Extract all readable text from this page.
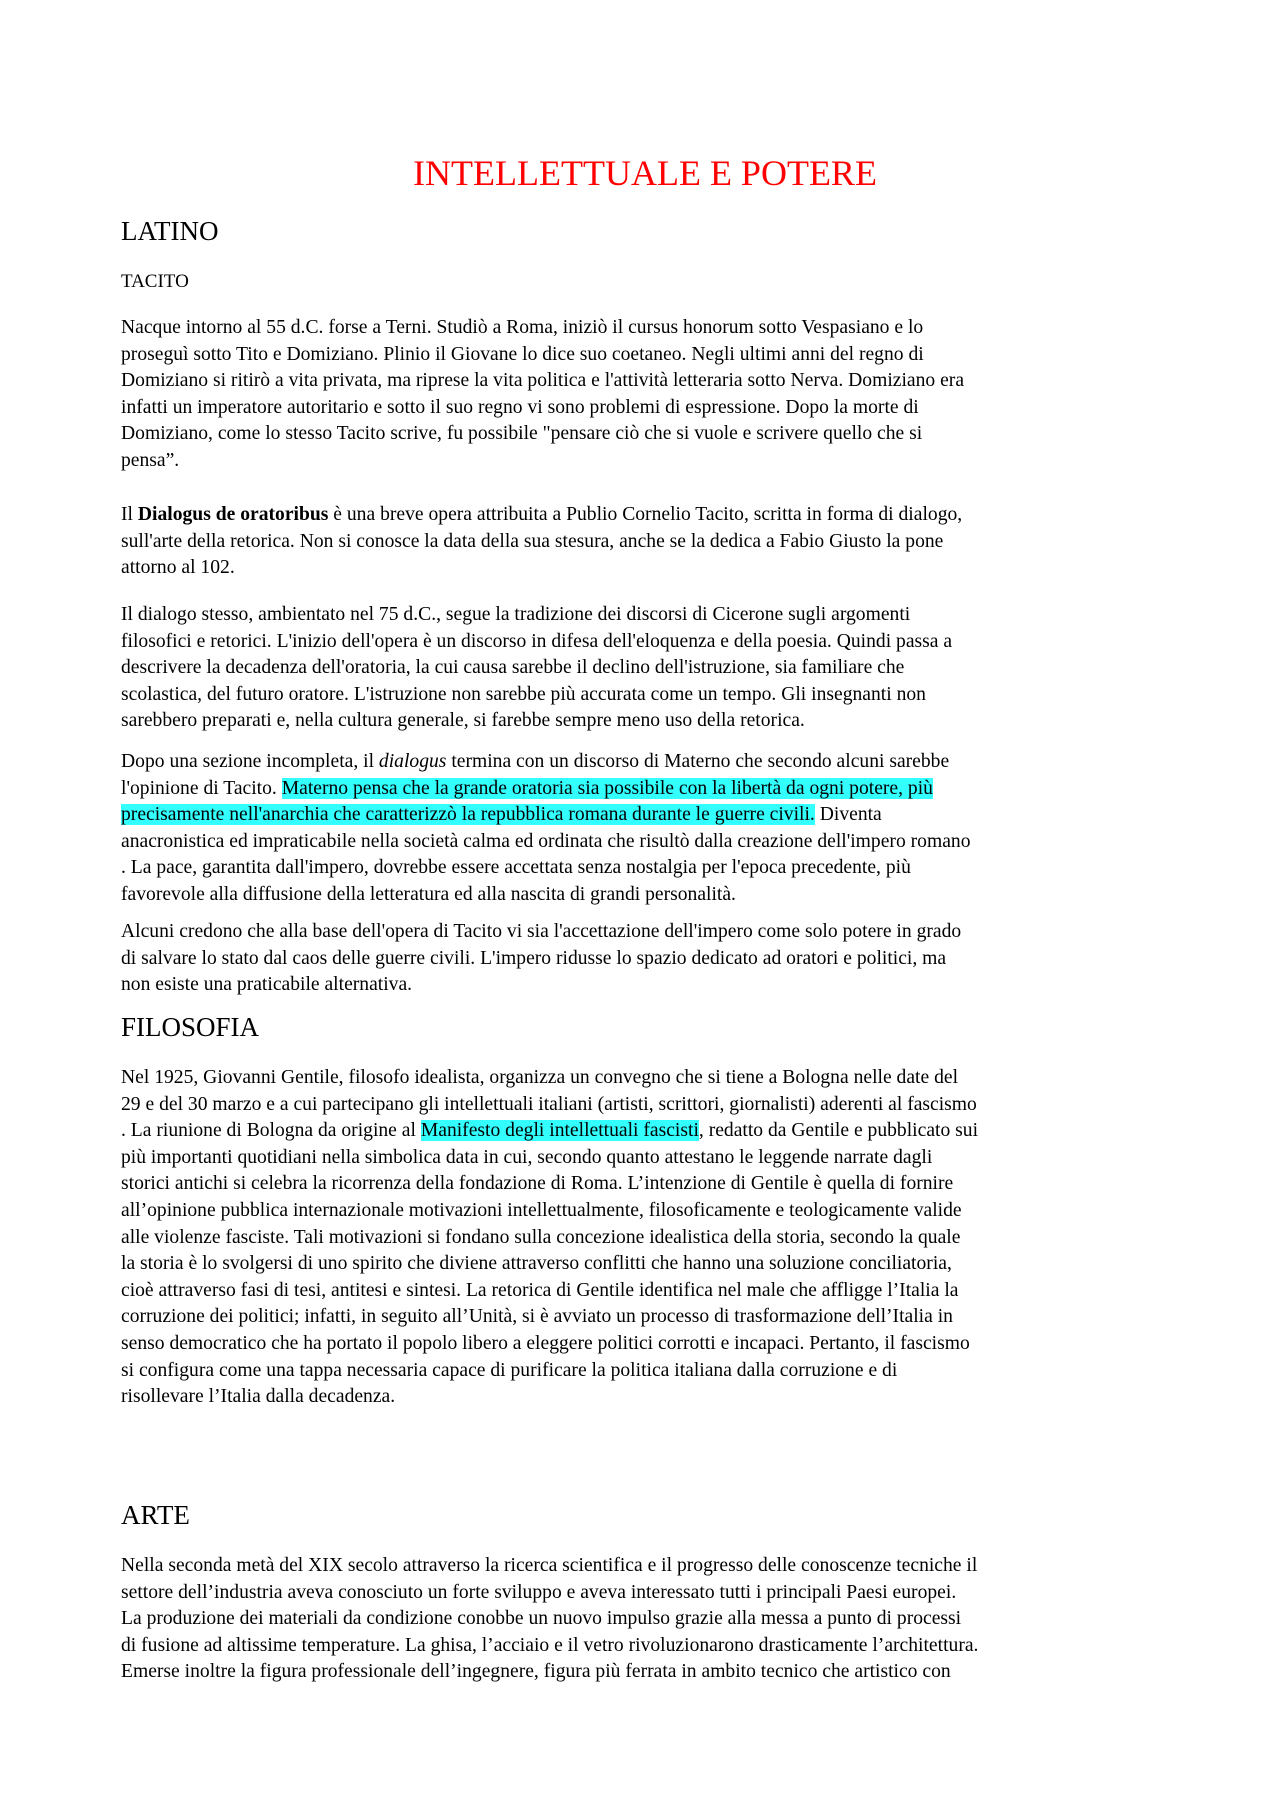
INTELLETTUALE E POTERE
LATINO
TACITO
Nacque intorno al 55 d.C. forse a Terni. Studiò a Roma, iniziò il cursus honorum sotto Vespasiano e lo
proseguì sotto Tito e Domiziano. Plinio il Giovane lo dice suo coetaneo. Negli ultimi anni del regno di
Domiziano si ritirò a vita privata, ma riprese la vita politica e l'attività letteraria sotto Nerva. Domiziano era
infatti un imperatore autoritario e sotto il suo regno vi sono problemi di espressione. Dopo la morte di
Domiziano, come lo stesso Tacito scrive, fu possibile "pensare ciò che si vuole e scrivere quello che si
pensa”.
Il Dialogus de oratoribus è una breve opera attribuita a Publio Cornelio Tacito, scritta in forma di dialogo,
sull'arte della retorica. Non si conosce la data della sua stesura, anche se la dedica a Fabio Giusto la pone
attorno al 102.
Il dialogo stesso, ambientato nel 75 d.C., segue la tradizione dei discorsi di Cicerone sugli argomenti
filosofici e retorici. L'inizio dell'opera è un discorso in difesa dell'eloquenza e della poesia. Quindi passa a
descrivere la decadenza dell'oratoria, la cui causa sarebbe il declino dell'istruzione, sia familiare che
scolastica, del futuro oratore. L'istruzione non sarebbe più accurata come un tempo. Gli insegnanti non
sarebbero preparati e, nella cultura generale, si farebbe sempre meno uso della retorica.
Dopo una sezione incompleta, il dialogus termina con un discorso di Materno che secondo alcuni sarebbe
l'opinione di Tacito. Materno pensa che la grande oratoria sia possibile con la libertà da ogni potere, più
precisamente nell'anarchia che caratterizzò la repubblica romana durante le guerre civili. Diventa
anacronistica ed impraticabile nella società calma ed ordinata che risultò dalla creazione dell'impero romano
. La pace, garantita dall'impero, dovrebbe essere accettata senza nostalgia per l'epoca precedente, più
favorevole alla diffusione della letteratura ed alla nascita di grandi personalità.
Alcuni credono che alla base dell'opera di Tacito vi sia l'accettazione dell'impero come solo potere in grado
di salvare lo stato dal caos delle guerre civili. L'impero ridusse lo spazio dedicato ad oratori e politici, ma
non esiste una praticabile alternativa.
FILOSOFIA
Nel 1925, Giovanni Gentile, filosofo idealista, organizza un convegno che si tiene a Bologna nelle date del
29 e del 30 marzo e a cui partecipano gli intellettuali italiani (artisti, scrittori, giornalisti) aderenti al fascismo
. La riunione di Bologna da origine al Manifesto degli intellettuali fascisti, redatto da Gentile e pubblicato sui
più importanti quotidiani nella simbolica data in cui, secondo quanto attestano le leggende narrate dagli
storici antichi si celebra la ricorrenza della fondazione di Roma. L’intenzione di Gentile è quella di fornire
all’opinione pubblica internazionale motivazioni intellettualmente, filosoficamente e teologicamente valide
alle violenze fasciste. Tali motivazioni si fondano sulla concezione idealistica della storia, secondo la quale
la storia è lo svolgersi di uno spirito che diviene attraverso conflitti che hanno una soluzione conciliatoria,
cioè attraverso fasi di tesi, antitesi e sintesi. La retorica di Gentile identifica nel male che affligge l’Italia la
corruzione dei politici; infatti, in seguito all’Unità, si è avviato un processo di trasformazione dell’Italia in
senso democratico che ha portato il popolo libero a eleggere politici corrotti e incapaci. Pertanto, il fascismo
si configura come una tappa necessaria capace di purificare la politica italiana dalla corruzione e di
risollevare l’Italia dalla decadenza.
ARTE
Nella seconda metà del XIX secolo attraverso la ricerca scientifica e il progresso delle conoscenze tecniche il
settore dell’industria aveva conosciuto un forte sviluppo e aveva interessato tutti i principali Paesi europei.
La produzione dei materiali da condizione conobbe un nuovo impulso grazie alla messa a punto di processi
di fusione ad altissime temperature. La ghisa, l’acciaio e il vetro rivoluzionarono drasticamente l’architettura.
Emerse inoltre la figura professionale dell’ingegnere, figura più ferrata in ambito tecnico che artistico con
